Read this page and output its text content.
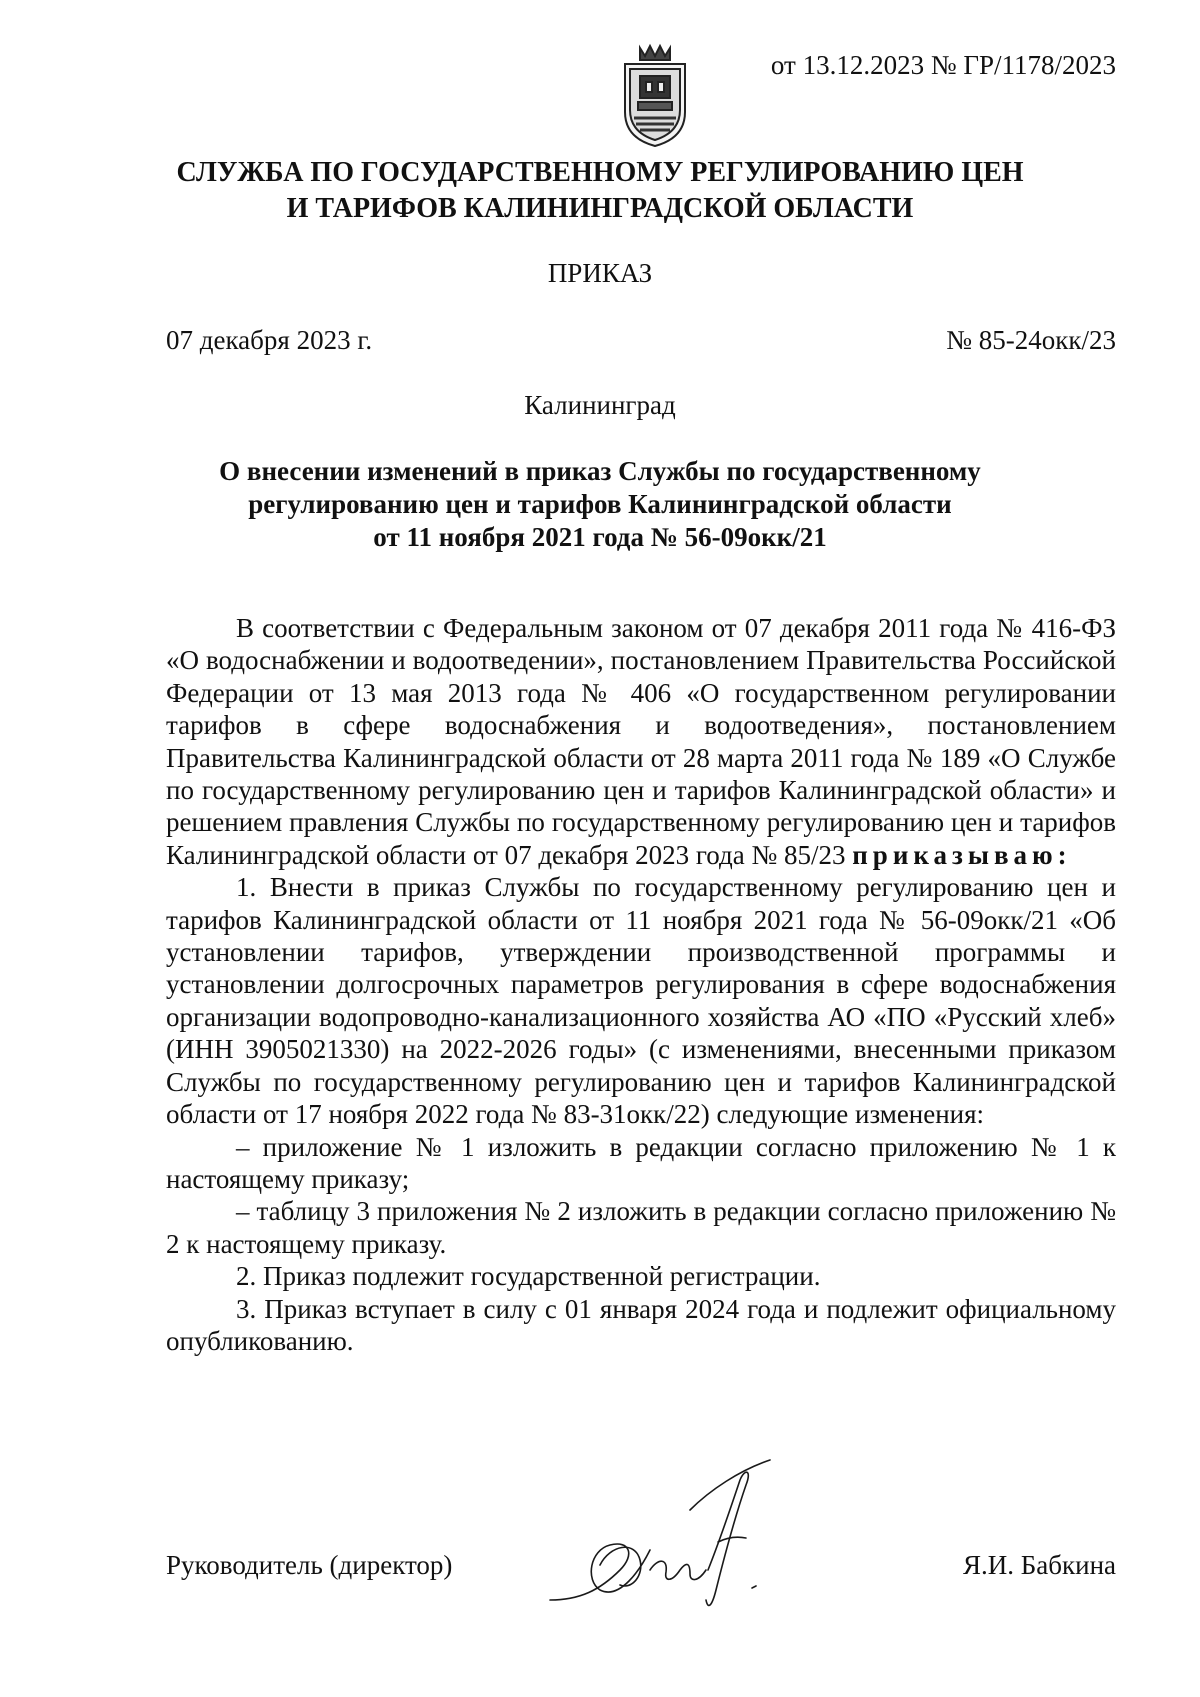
от 13.12.2023 № ГР/1178/2023
СЛУЖБА ПО ГОСУДАРСТВЕННОМУ РЕГУЛИРОВАНИЮ ЦЕН
И ТАРИФОВ КАЛИНИНГРАДСКОЙ ОБЛАСТИ
ПРИКАЗ
07 декабря 2023 г.	№ 85-24окк/23
Калининград
О внесении изменений в приказ Службы по государственному
регулированию цен и тарифов Калининградской области
от 11 ноября 2021 года № 56-09окк/21

В соответствии с Федеральным законом от 07 декабря 2011 года № 416-ФЗ «О водоснабжении и водоотведении», постановлением Правительства Российской Федерации от 13 мая 2013 года № 406 «О государственном регулировании тарифов в сфере водоснабжения и водоотведения», постановлением Правительства Калининградской области от 28 марта 2011 года № 189 «О Службе по государственному регулированию цен и тарифов Калининградской области» и решением правления Службы по государственному регулированию цен и тарифов Калининградской области от 07 декабря 2023 года № 85/23 приказываю:

1. Внести в приказ Службы по государственному регулированию цен и тарифов Калининградской области от 11 ноября 2021 года № 56-09окк/21 «Об установлении тарифов, утверждении производственной программы и установлении долгосрочных параметров регулирования в сфере водоснабжения организации водопроводно-канализационного хозяйства АО «ПО «Русский хлеб» (ИНН 3905021330) на 2022-2026 годы» (с изменениями, внесенными приказом Службы по государственному регулированию цен и тарифов Калининградской области от 17 ноября 2022 года № 83-31окк/22) следующие изменения:

– приложение № 1 изложить в редакции согласно приложению № 1 к настоящему приказу;

– таблицу 3 приложения № 2 изложить в редакции согласно приложению № 2 к настоящему приказу.

2. Приказ подлежит государственной регистрации.

3. Приказ вступает в силу с 01 января 2024 года и подлежит официальному опубликованию.

Руководитель (директор)	Я.И. Бабкина
